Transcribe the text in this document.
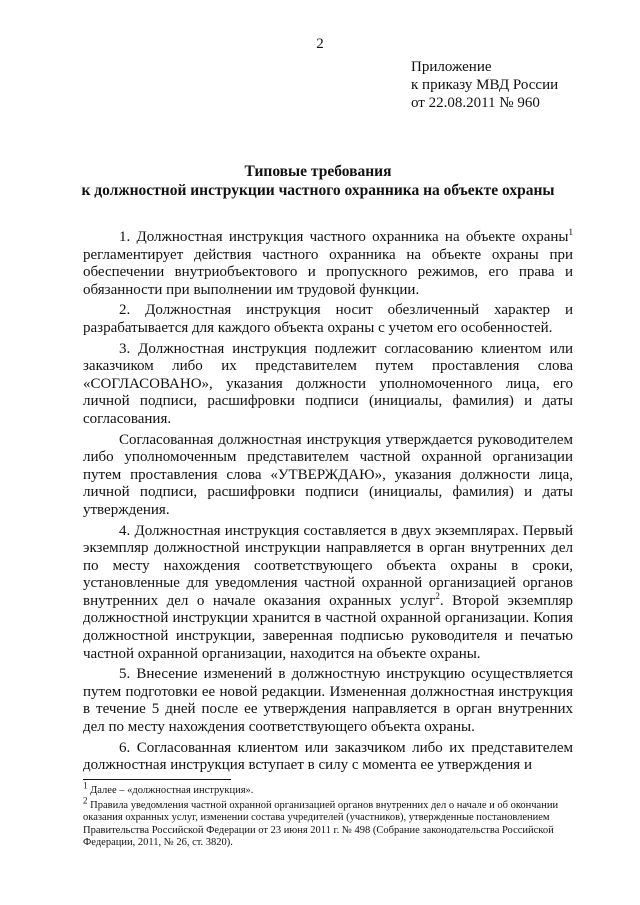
2
Приложение
к приказу МВД России
от 22.08.2011 № 960
Типовые требования
к должностной инструкции частного охранника на объекте охраны

1. Должностная инструкция частного охранника на объекте охраны$^1$ регламентирует действия частного охранника на объекте охраны при обеспечении внутриобъектового и пропускного режимов, его права и обязанности при выполнении им трудовой функции.

2. Должностная инструкция носит обезличенный характер и разрабатывается для каждого объекта охраны с учетом его особенностей.

3. Должностная инструкция подлежит согласованию клиентом или заказчиком либо их представителем путем проставления слова «СОГЛАСОВАНО», указания должности уполномоченного лица, его личной подписи, расшифровки подписи (инициалы, фамилия) и даты согласования.

Согласованная должностная инструкция утверждается руководителем либо уполномоченным представителем частной охранной организации путем проставления слова «УТВЕРЖДАЮ», указания должности лица, личной подписи, расшифровки подписи (инициалы, фамилия) и даты утверждения.

4. Должностная инструкция составляется в двух экземплярах. Первый экземпляр должностной инструкции направляется в орган внутренних дел по месту нахождения соответствующего объекта охраны в сроки, установленные для уведомления частной охранной организацией органов внутренних дел о начале оказания охранных услуг$^2$. Второй экземпляр должностной инструкции хранится в частной охранной организации. Копия должностной инструкции, заверенная подписью руководителя и печатью частной охранной организации, находится на объекте охраны.

5. Внесение изменений в должностную инструкцию осуществляется путем подготовки ее новой редакции. Измененная должностная инструкция в течение 5 дней после ее утверждения направляется в орган внутренних дел по месту нахождения соответствующего объекта охраны.

6. Согласованная клиентом или заказчиком либо их представителем должностная инструкция вступает в силу с момента ее утверждения и

$^1$ Далее – «должностная инструкция».

$^2$ Правила уведомления частной охранной организацией органов внутренних дел о начале и об окончании оказания охранных услуг, изменении состава учредителей (участников), утвержденные постановлением Правительства Российской Федерации от 23 июня 2011 г. № 498 (Собрание законодательства Российской Федерации, 2011, № 26, ст. 3820).
